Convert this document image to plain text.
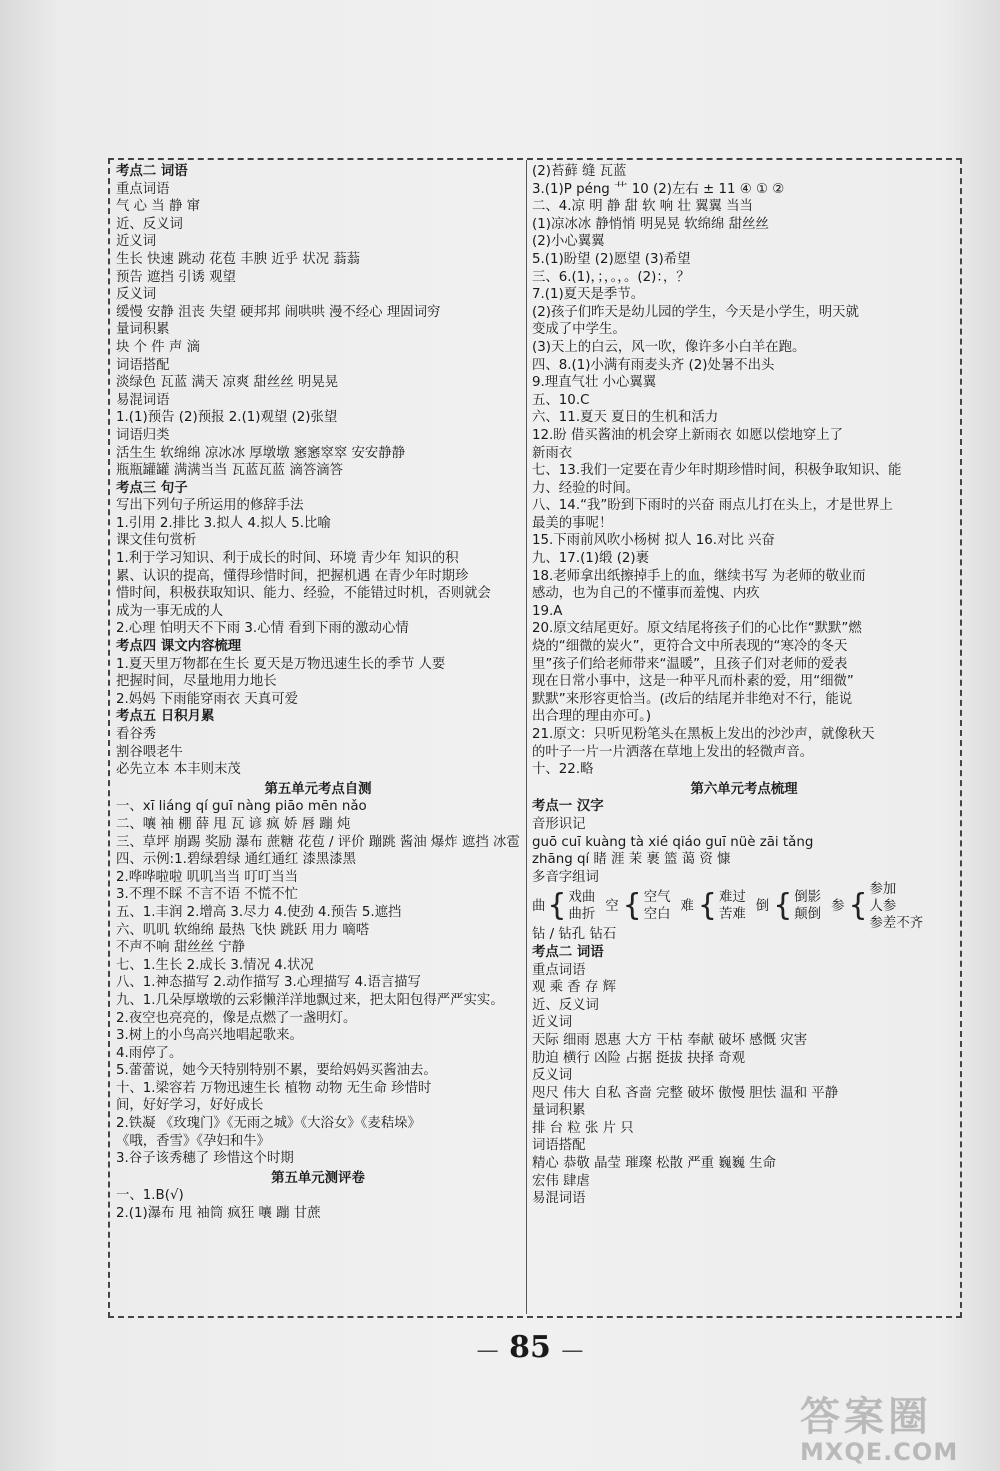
考点二 词语
重点词语
气 心 当 静 窜
近、反义词
近义词
生长 快速 跳动 花苞 丰腴 近乎 状况 蓊蓊
预告 遮挡 引诱 观望
反义词
缓慢 安静 沮丧 失望 硬邦邦 闹哄哄 漫不经心 理固词穷
量词积累
块 个 件 声 滴
词语搭配
淡绿色 瓦蓝 满天 凉爽 甜丝丝 明晃晃
易混词语
1.(1)预告 (2)预报 2.(1)观望 (2)张望
词语归类
活生生 软绵绵 凉冰冰 厚墩墩 窸窸窣窣 安安静静
瓶瓶罐罐 满满当当 瓦蓝瓦蓝 滴答滴答
考点三 句子
写出下列句子所运用的修辞手法
1.引用 2.排比 3.拟人 4.拟人 5.比喻
课文佳句赏析
1.利于学习知识、利于成长的时间、环境 青少年 知识的积
累、认识的提高，懂得珍惜时间，把握机遇 在青少年时期珍
惜时间，积极获取知识、能力、经验，不能错过时机，否则就会
成为一事无成的人
2.心理 怕明天不下雨 3.心情 看到下雨的激动心情
考点四 课文内容梳理
1.夏天里万物都在生长 夏天是万物迅速生长的季节 人要
把握时间，尽量地用力地长
2.妈妈 下雨能穿雨衣 天真可爱
考点五 日积月累
看谷秀
割谷喂老牛
必先立本 本丰则末茂
第五单元考点自测
一、xī liáng qí guī nàng piāo mēn nǎo
二、嚷 袖 棚 薛 甩 瓦 谚 疯 娇 唇 蹦 炖
三、草坪 崩踢 奖励 瀑布 蔗糖 花苞 / 评价 蹦跳 酱油 爆炸 遮挡 冰雹
四、示例:1.碧绿碧绿 通红通红 漆黑漆黑
2.哗哗啦啦 叽叽当当 叮叮当当
3.不理不睬 不言不语 不慌不忙
五、1.丰润 2.增高 3.尽力 4.使劲 4.预告 5.遮挡
六、叽叽 软绵绵 最热 飞快 跳跃 用力 嘀嗒
不声不响 甜丝丝 宁静
七、1.生长 2.成长 3.情况 4.状况
八、1.神态描写 2.动作描写 3.心理描写 4.语言描写
九、1.几朵厚墩墩的云彩懒洋洋地飘过来，把太阳包得严严实实。
2.夜空也亮亮的，像是点燃了一盏明灯。
3.树上的小鸟高兴地唱起歌来。
4.雨停了。
5.蕾蕾说，她今天特别特别不累，要给妈妈买酱油去。
十、1.梁容若 万物迅速生长 植物 动物 无生命 珍惜时
间，好好学习，好好成长
2.铁凝 《玫瑰门》《无雨之城》《大浴女》《麦秸垛》
《哦，香雪》《孕妇和牛》
3.谷子该秀穗了 珍惜这个时期
第五单元测评卷
一、1.B(√)
2.(1)瀑布 甩 袖筒 疯狂 嚷 蹦 甘蔗
(2)苔藓 缝 瓦蓝
3.(1)P péng 艹 10 (2)左右 ± 11 ④ ① ②
二、4.凉 明 静 甜 软 响 壮 翼翼 当当
(1)凉冰冰 静悄悄 明晃晃 软绵绵 甜丝丝
(2)小心翼翼
5.(1)盼望 (2)愿望 (3)希望
三、6.(1)，；，。，。(2)：，？
7.(1)夏天是季节。
(2)孩子们昨天是幼儿园的学生，今天是小学生，明天就
变成了中学生。
(3)天上的白云，风一吹，像许多小白羊在跑。
四、8.(1)小满有雨麦头齐 (2)处暑不出头
9.理直气壮 小心翼翼
五、10.C
六、11.夏天 夏日的生机和活力
12.盼 借买酱油的机会穿上新雨衣 如愿以偿地穿上了
新雨衣
七、13.我们一定要在青少年时期珍惜时间，积极争取知识、能
力、经验的时间。
八、14.“我”盼到下雨时的兴奋 雨点儿打在头上，才是世界上
最美的事呢！
15.下雨前风吹小杨树 拟人 16.对比 兴奋
九、17.(1)缎 (2)裹
18.老师拿出纸擦掉手上的血，继续书写 为老师的敬业而
感动，也为自己的不懂事而羞愧、内疚
19.A
20.原文结尾更好。原文结尾将孩子们的心比作“默默”燃
烧的“细微的炭火”，更符合文中所表现的“寒冷的冬天
里”孩子们给老师带来“温暖”，且孩子们对老师的爱表
现在日常小事中，这是一种平凡而朴素的爱，用“细微”
默默”来形容更恰当。(改后的结尾并非绝对不行，能说
出合理的理由亦可。)
21.原文：只听见粉笔头在黑板上发出的沙沙声，就像秋天
的叶子一片一片洒落在草地上发出的轻微声音。
十、22.略
第六单元考点梳理
考点一 汉字
音形识记
guō cuī kuàng tà xié qiáo guī nüè zāi tǎng
zhāng qí 睹 涯 茉 裹 篮 蔼 资 慷
多音字组词
曲 { 戏曲
曲折
空 { 空气
空白
难 { 难过
苦难
倒 { 倒影
颠倒
参 { 参加
人参
参差不齐
钻 / 钻孔 钻石
考点二 词语
重点词语
观 乘 香 存 辉
近、反义词
近义词
天际 细雨 恩惠 大方 干枯 奉献 破坏 感慨 灾害
肋迫 横行 凶险 占据 挺拔 抉择 奇观
反义词
咫尺 伟大 自私 吝啬 完整 破坏 傲慢 胆怯 温和 平静
量词积累
排 台 粒 张 片 只
词语搭配
精心 恭敬 晶莹 璀璨 松散 严重 巍巍 生命
宏伟 肆虐
易混词语
— 85 —
答案圈
MXQE.COM
